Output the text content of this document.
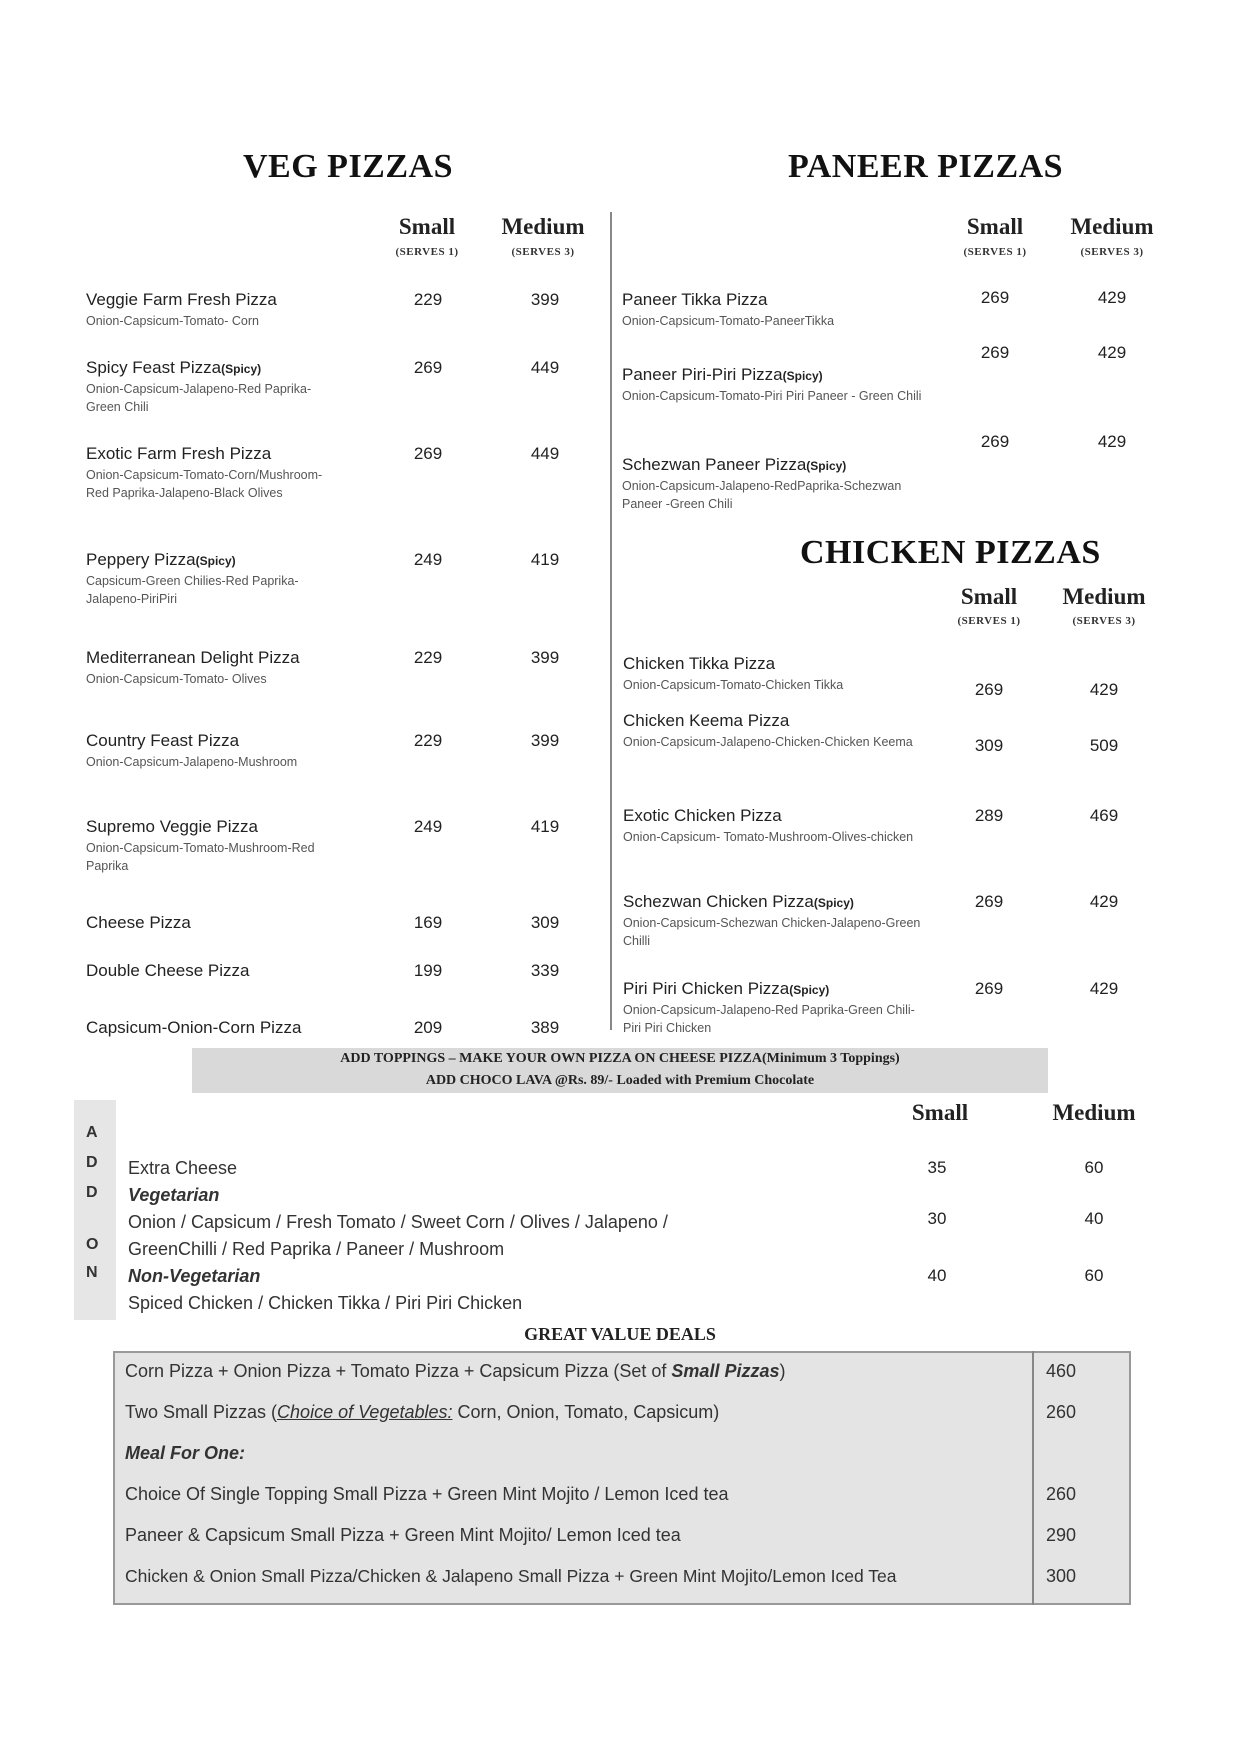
VEG PIZZAS
Small
(SERVES 1)
Medium
(SERVES 3)
Veggie Farm Fresh Pizza
Onion-Capsicum-Tomato- Corn
229	399
Spicy Feast Pizza(Spicy)
Onion-Capsicum-Jalapeno-Red Paprika-Green Chili
269	449
Exotic Farm Fresh Pizza
Onion-Capsicum-Tomato-Corn/Mushroom- Red Paprika-Jalapeno-Black Olives
269	449
Peppery Pizza(Spicy)
Capsicum-Green Chilies-Red Paprika-Jalapeno-PiriPiri
249	419
Mediterranean Delight Pizza
Onion-Capsicum-Tomato- Olives
229	399
Country Feast Pizza
Onion-Capsicum-Jalapeno-Mushroom
229	399
Supremo Veggie Pizza
Onion-Capsicum-Tomato-Mushroom-Red Paprika
249	419
Cheese Pizza	169	309
Double Cheese Pizza	199	339
Capsicum-Onion-Corn Pizza	209	389
PANEER PIZZAS
Small
(SERVES 1)
Medium
(SERVES 3)
Paneer Tikka Pizza
Onion-Capsicum-Tomato-PaneerTikka
269	429
Paneer Piri-Piri Pizza(Spicy)
Onion-Capsicum-Tomato-Piri Piri Paneer - Green Chili
269	429
Schezwan Paneer Pizza(Spicy)
Onion-Capsicum-Jalapeno-RedPaprika-Schezwan Paneer -Green Chili
269	429
CHICKEN PIZZAS
Small
(SERVES 1)
Medium
(SERVES 3)
Chicken Tikka Pizza
Onion-Capsicum-Tomato-Chicken Tikka	269	429
Chicken Keema Pizza
Onion-Capsicum-Jalapeno-Chicken-Chicken Keema	309	509
Exotic Chicken Pizza
Onion-Capsicum- Tomato-Mushroom-Olives-chicken
289	469
Schezwan Chicken Pizza(Spicy)
Onion-Capsicum-Schezwan Chicken-Jalapeno-Green Chilli
269	429
Piri Piri Chicken Pizza(Spicy)
Onion-Capsicum-Jalapeno-Red Paprika-Green Chili- Piri Piri Chicken
269	429
ADD TOPPINGS – MAKE YOUR OWN PIZZA ON CHEESE PIZZA(Minimum 3 Toppings)
ADD CHOCO LAVA @Rs. 89/- Loaded with Premium Chocolate
A
D
D
O
N
Small	Medium
Extra Cheese	35	60
Vegetarian
Onion / Capsicum / Fresh Tomato / Sweet Corn / Olives / Jalapeno /
GreenChilli / Red Paprika / Paneer / Mushroom
30	40
Non-Vegetarian
Spiced Chicken / Chicken Tikka / Piri Piri Chicken
40	60
GREAT VALUE DEALS
Corn Pizza + Onion Pizza + Tomato Pizza + Capsicum Pizza (Set of Small Pizzas)	460
Two Small Pizzas (Choice of Vegetables: Corn, Onion, Tomato, Capsicum)	260
Meal For One:
Choice Of Single Topping Small Pizza + Green Mint Mojito / Lemon Iced tea	260
Paneer & Capsicum Small Pizza + Green Mint Mojito/ Lemon Iced tea	290
Chicken & Onion Small Pizza/Chicken & Jalapeno Small Pizza + Green Mint Mojito/Lemon Iced Tea	300
